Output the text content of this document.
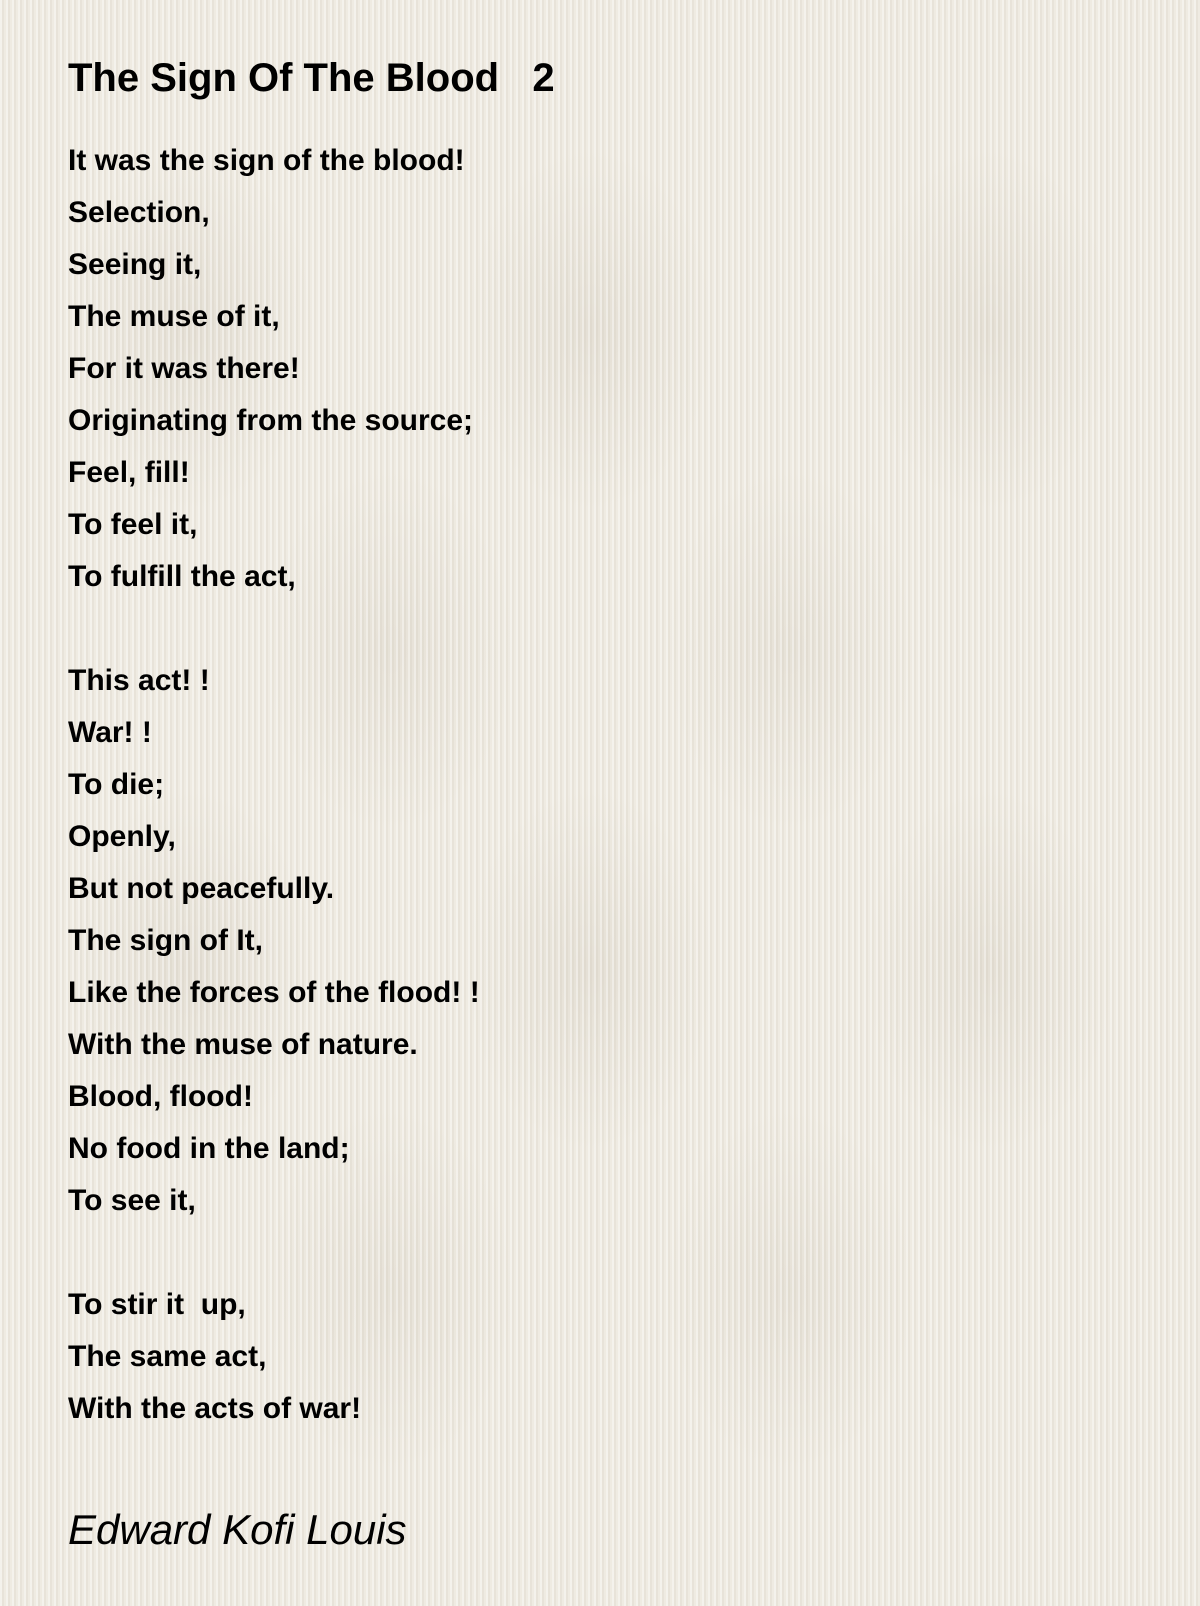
The Sign Of The Blood   2
It was the sign of the blood!
Selection,
Seeing it,
The muse of it,
For it was there!
Originating from the source;
Feel, fill!
To feel it,
To fulfill the act,
This act! !
War! !
To die;
Openly,
But not peacefully.
The sign of It,
Like the forces of the flood! !
With the muse of nature.
Blood, flood!
No food in the land;
To see it,
To stir it  up,
The same act,
With the acts of war!
Edward Kofi Louis
